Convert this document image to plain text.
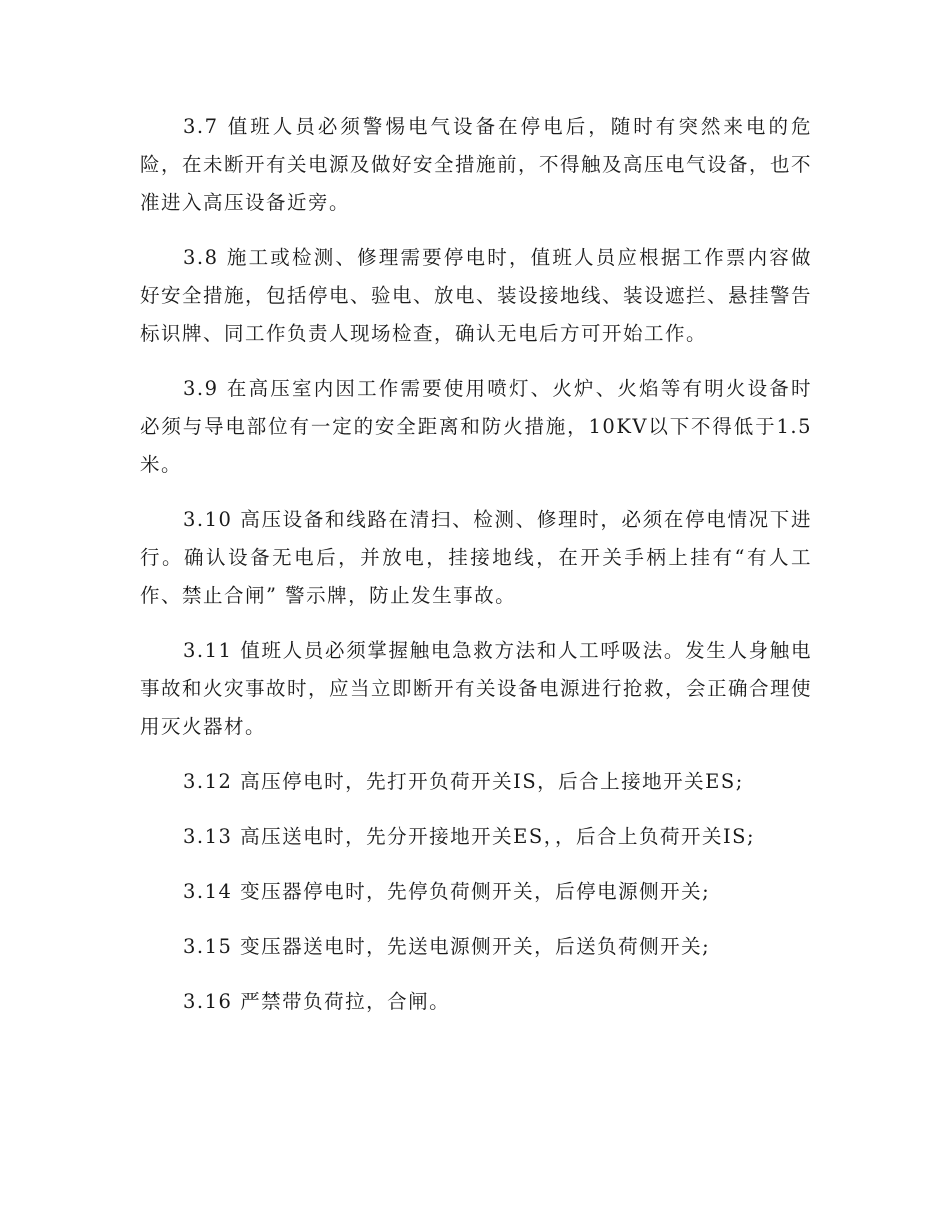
3.7 值班人员必须警惕电气设备在停电后，随时有突然来电的危险，在未断开有关电源及做好安全措施前，不得触及高压电气设备，也不准进入高压设备近旁。

3.8 施工或检测、修理需要停电时，值班人员应根据工作票内容做好安全措施，包括停电、验电、放电、装设接地线、装设遮拦、悬挂警告标识牌、同工作负责人现场检查，确认无电后方可开始工作。

3.9 在高压室内因工作需要使用喷灯、火炉、火焰等有明火设备时必须与导电部位有一定的安全距离和防火措施，10KV以下不得低于1.5米。

3.10 高压设备和线路在清扫、检测、修理时，必须在停电情况下进行。确认设备无电后，并放电，挂接地线，在开关手柄上挂有“有人工作、禁止合闸” 警示牌，防止发生事故。

3.11 值班人员必须掌握触电急救方法和人工呼吸法。发生人身触电事故和火灾事故时，应当立即断开有关设备电源进行抢救，会正确合理使用灭火器材。

3.12 高压停电时，先打开负荷开关IS，后合上接地开关ES;

3.13 高压送电时，先分开接地开关ES，，后合上负荷开关IS;

3.14 变压器停电时，先停负荷侧开关，后停电源侧开关;

3.15 变压器送电时，先送电源侧开关，后送负荷侧开关;

3.16 严禁带负荷拉，合闸。
